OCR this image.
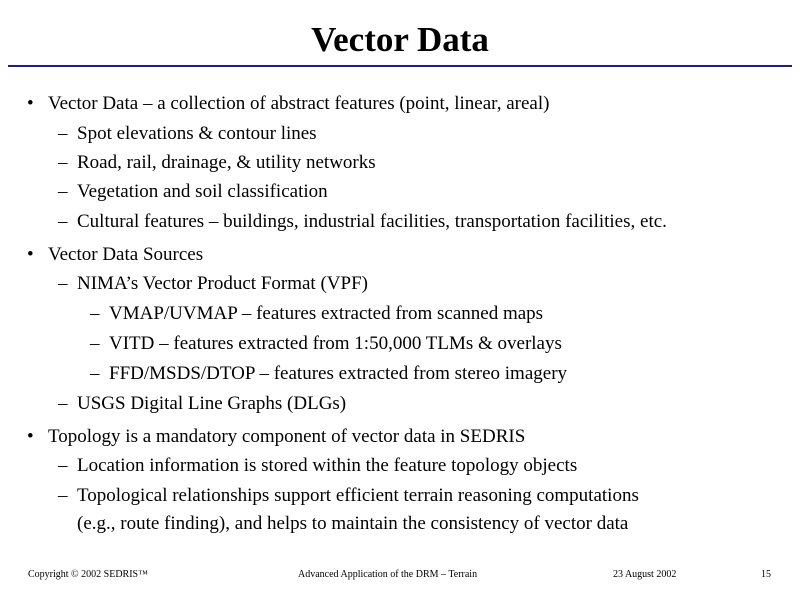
Vector Data
• Vector Data – a collection of abstract features (point, linear, areal)
– Spot elevations & contour lines
– Road, rail, drainage, & utility networks
– Vegetation and soil classification
– Cultural features – buildings, industrial facilities, transportation facilities, etc.
• Vector Data Sources
– NIMA’s Vector Product Format (VPF)
– VMAP/UVMAP – features extracted from scanned maps
– VITD – features extracted from 1:50,000 TLMs & overlays
– FFD/MSDS/DTOP – features extracted from stereo imagery
– USGS Digital Line Graphs (DLGs)
• Topology is a mandatory component of vector data in SEDRIS
– Location information is stored within the feature topology objects
– Topological relationships support efficient terrain reasoning computations
(e.g., route finding), and helps to maintain the consistency of vector data
Copyright © 2002 SEDRIS™	Advanced Application of the DRM – Terrain	23 August 2002	15
